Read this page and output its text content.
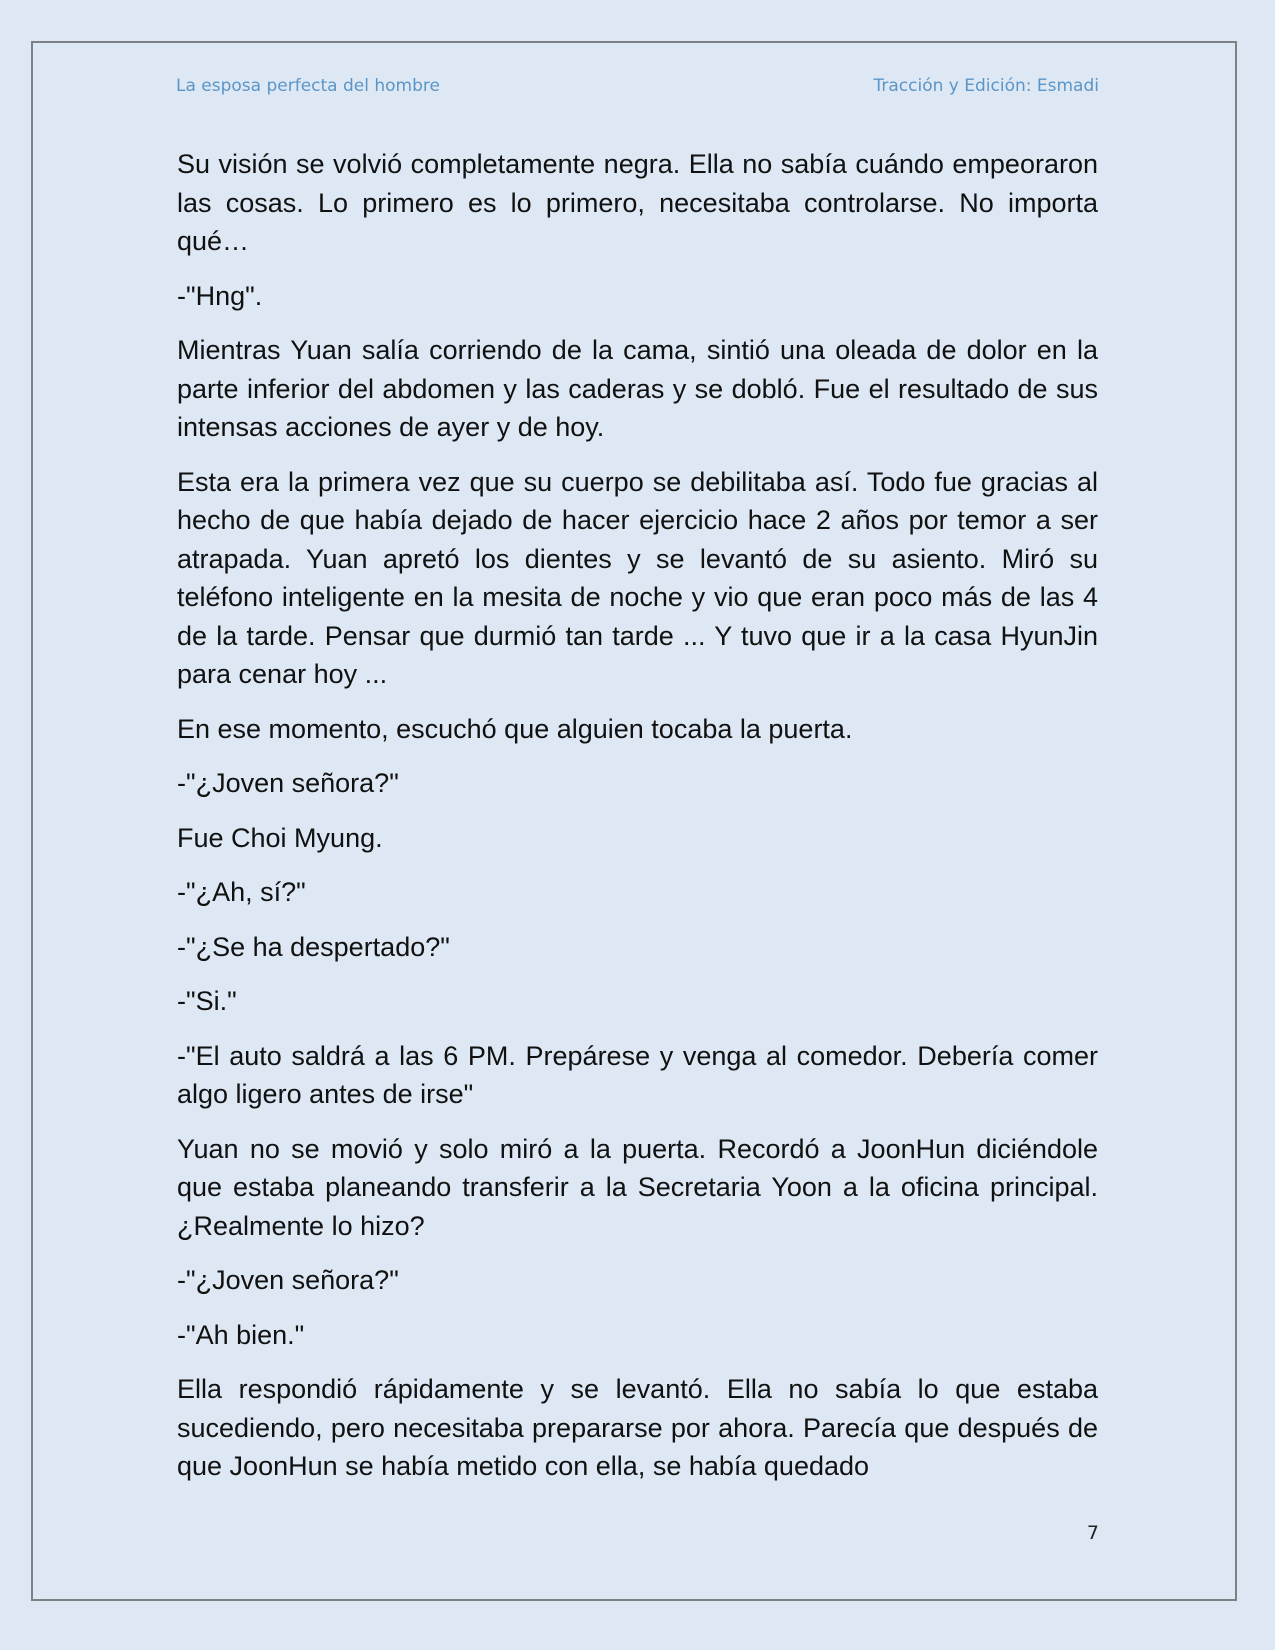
La esposa perfecta del hombre	Tracción y Edición: Esmadi

Su visión se volvió completamente negra. Ella no sabía cuándo empeoraron las cosas. Lo primero es lo primero, necesitaba controlarse. No importa qué…

-"Hng".

Mientras Yuan salía corriendo de la cama, sintió una oleada de dolor en la parte inferior del abdomen y las caderas y se dobló. Fue el resultado de sus intensas acciones de ayer y de hoy.

Esta era la primera vez que su cuerpo se debilitaba así. Todo fue gracias al hecho de que había dejado de hacer ejercicio hace 2 años por temor a ser atrapada. Yuan apretó los dientes y se levantó de su asiento. Miró su teléfono inteligente en la mesita de noche y vio que eran poco más de las 4 de la tarde. Pensar que durmió tan tarde ... Y tuvo que ir a la casa HyunJin para cenar hoy ...

En ese momento, escuchó que alguien tocaba la puerta.

-"¿Joven señora?"

Fue Choi Myung.

-"¿Ah, sí?"

-"¿Se ha despertado?"

-"Si."

-"El auto saldrá a las 6 PM. Prepárese y venga al comedor. Debería comer algo ligero antes de irse"

Yuan no se movió y solo miró a la puerta. Recordó a JoonHun diciéndole que estaba planeando transferir a la Secretaria Yoon a la oficina principal. ¿Realmente lo hizo?

-"¿Joven señora?"

-"Ah bien."

Ella respondió rápidamente y se levantó. Ella no sabía lo que estaba sucediendo, pero necesitaba prepararse por ahora. Parecía que después de que JoonHun se había metido con ella, se había quedado

7
